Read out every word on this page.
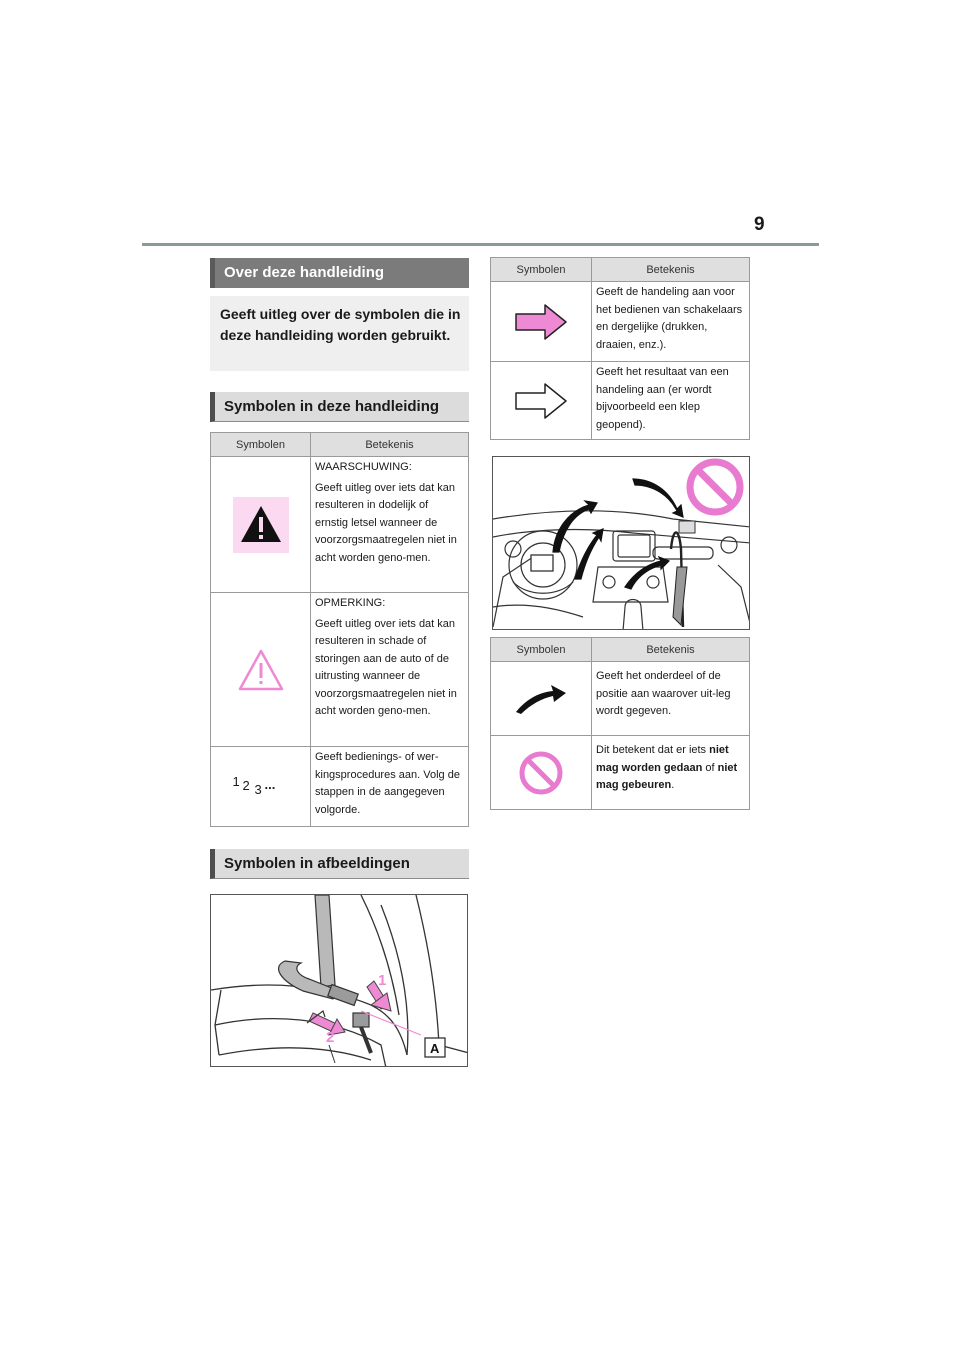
9
Over deze handleiding
Geeft uitleg over de symbolen die in deze handleiding worden gebruikt.
Symbolen in deze handleiding
Symbolen	Betekenis
	WAARSCHUWING:
Geeft uitleg over iets dat kan resulteren in dodelijk of ernstig letsel wanneer de voorzorgsmaatregelen niet in acht worden geno-men.
	OPMERKING:
Geeft uitleg over iets dat kan resulteren in schade of storingen aan de auto of de uitrusting wanneer de voorzorgsmaatregelen niet in acht worden geno-men.

1 2 3 ...	Geeft bedienings- of wer-kingsprocedures aan. Volg de stappen in de aangegeven volgorde.
Symbolen in afbeeldingen
1
2
A
Symbolen	Betekenis
	Geeft de handeling aan voor het bedienen van schakelaars en dergelijke (drukken, draaien, enz.).
	Geeft het resultaat van een handeling aan (er wordt bijvoorbeeld een klep geopend).
Symbolen	Betekenis
	Geeft het onderdeel of de positie aan waarover uit-leg wordt gegeven.
	Dit betekent dat er iets niet mag worden gedaan of niet mag gebeuren.
